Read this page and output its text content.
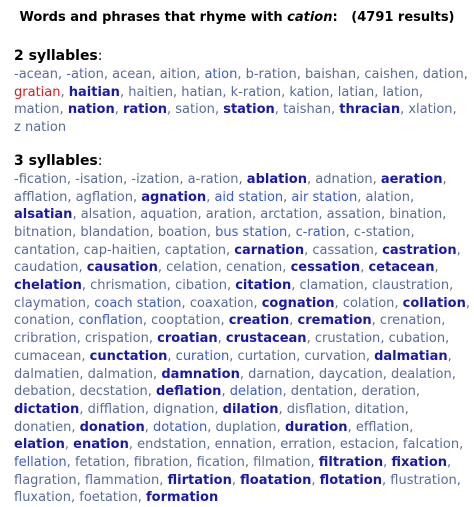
Words and phrases that rhyme with cation: (4791 results)
2 syllables:
-acean, -ation, acean, aition, ation, b-ration, baishan, caishen, dation, gratian, haitian, haitien, hatian, k-ration, kation, latian, lation, mation, nation, ration, sation, station, taishan, thracian, xlation, z nation
3 syllables:
-fication, -isation, -ization, a-ration, ablation, adnation, aeration, afflation, agflation, agnation, aid station, air station, alation, alsatian, alsation, aquation, aration, arctation, assation, bination, bitnation, blandation, boation, bus station, c-ration, c-station, cantation, cap-haitien, captation, carnation, cassation, castration, caudation, causation, celation, cenation, cessation, cetacean, chelation, chrismation, cibation, citation, clamation, claustration, claymation, coach station, coaxation, cognation, colation, collation, conation, conflation, cooptation, creation, cremation, crenation, cribration, crispation, croatian, crustacean, crustation, cubation, cumacean, cunctation, curation, curtation, curvation, dalmatian, dalmatien, dalmation, damnation, darnation, daycation, dealation, debation, decstation, deflation, delation, dentation, deration, dictation, difflation, dignation, dilation, disflation, ditation, donatien, donation, dotation, duplation, duration, efflation, elation, enation, endstation, ennation, erration, estacion, falcation, fellation, fetation, fibration, fication, filmation, filtration, fixation, flagration, flammation, flirtation, floatation, flotation, flustration, fluxation, foetation, formation
